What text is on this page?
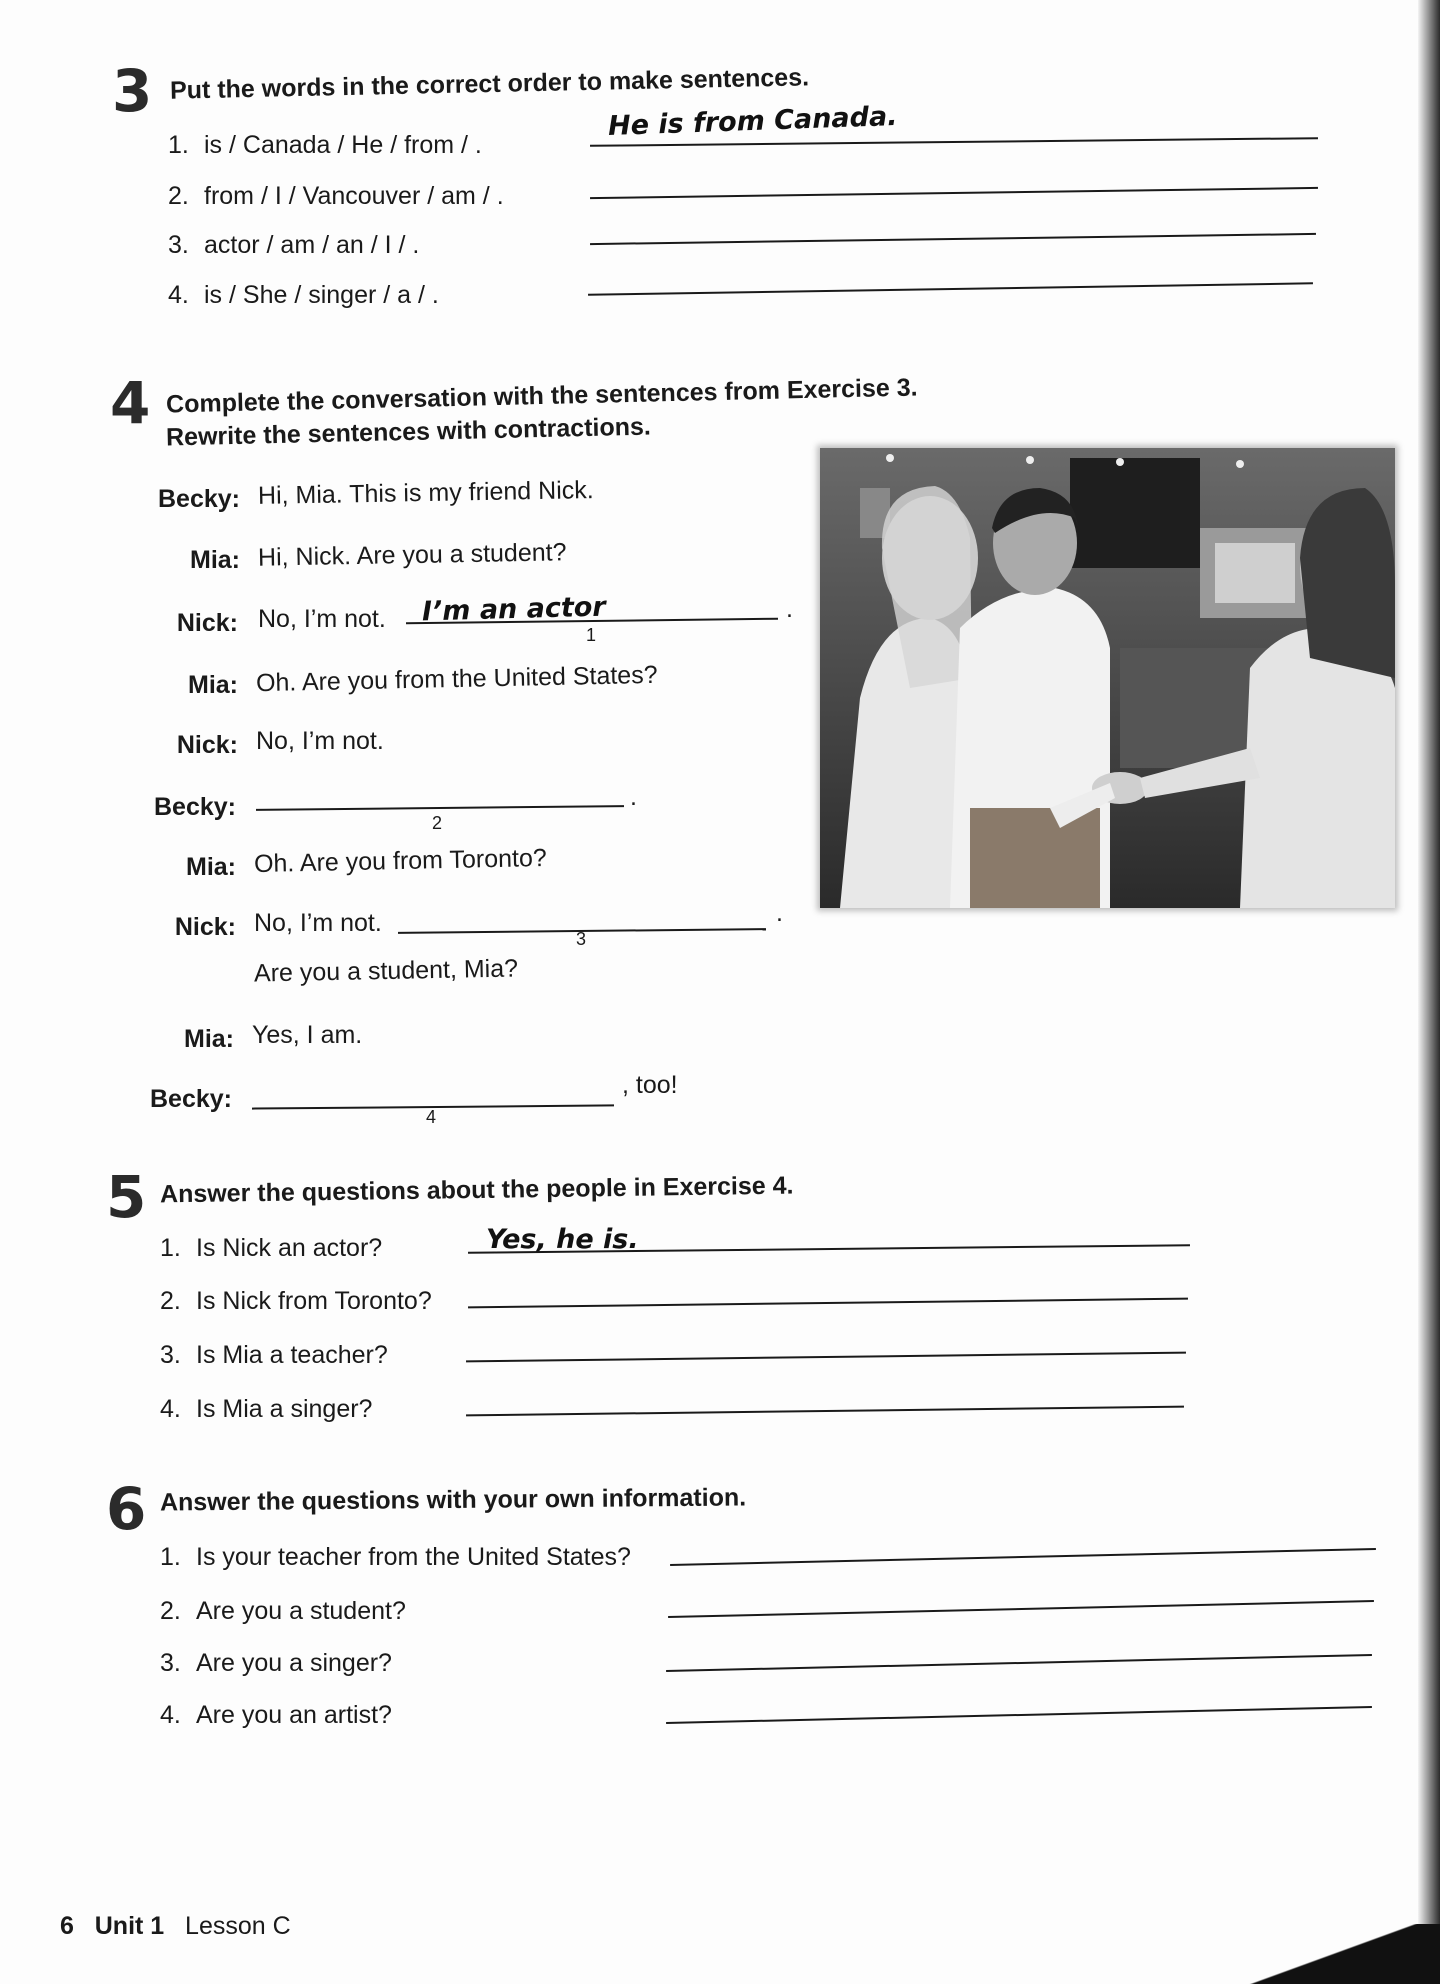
3 Put the words in the correct order to make sentences.
1. is / Canada / He / from / .
He is from Canada.
2. from / I / Vancouver / am / .
3. actor / am / an / I / .
4. is / She / singer / a / .
4 Complete the conversation with the sentences from Exercise 3.
Rewrite the sentences with contractions.
Becky: Hi, Mia. This is my friend Nick.
Mia: Hi, Nick. Are you a student?
Nick: No, I’m not. I’m an actor
1
.
Mia: Oh. Are you from the United States?
Nick: No, I’m not.
Becky:
2
.
Mia: Oh. Are you from Toronto?
Nick: No, I’m not.
3
.
Are you a student, Mia?
Mia: Yes, I am.
Becky:
4
, too!
5 Answer the questions about the people in Exercise 4.
1. Is Nick an actor?	Yes, he is.
2. Is Nick from Toronto?
3. Is Mia a teacher?
4. Is Mia a singer?
6 Answer the questions with your own information.
1. Is your teacher from the United States?
2. Are you a student?
3. Are you a singer?
4. Are you an artist?
6 Unit 1 Lesson C
